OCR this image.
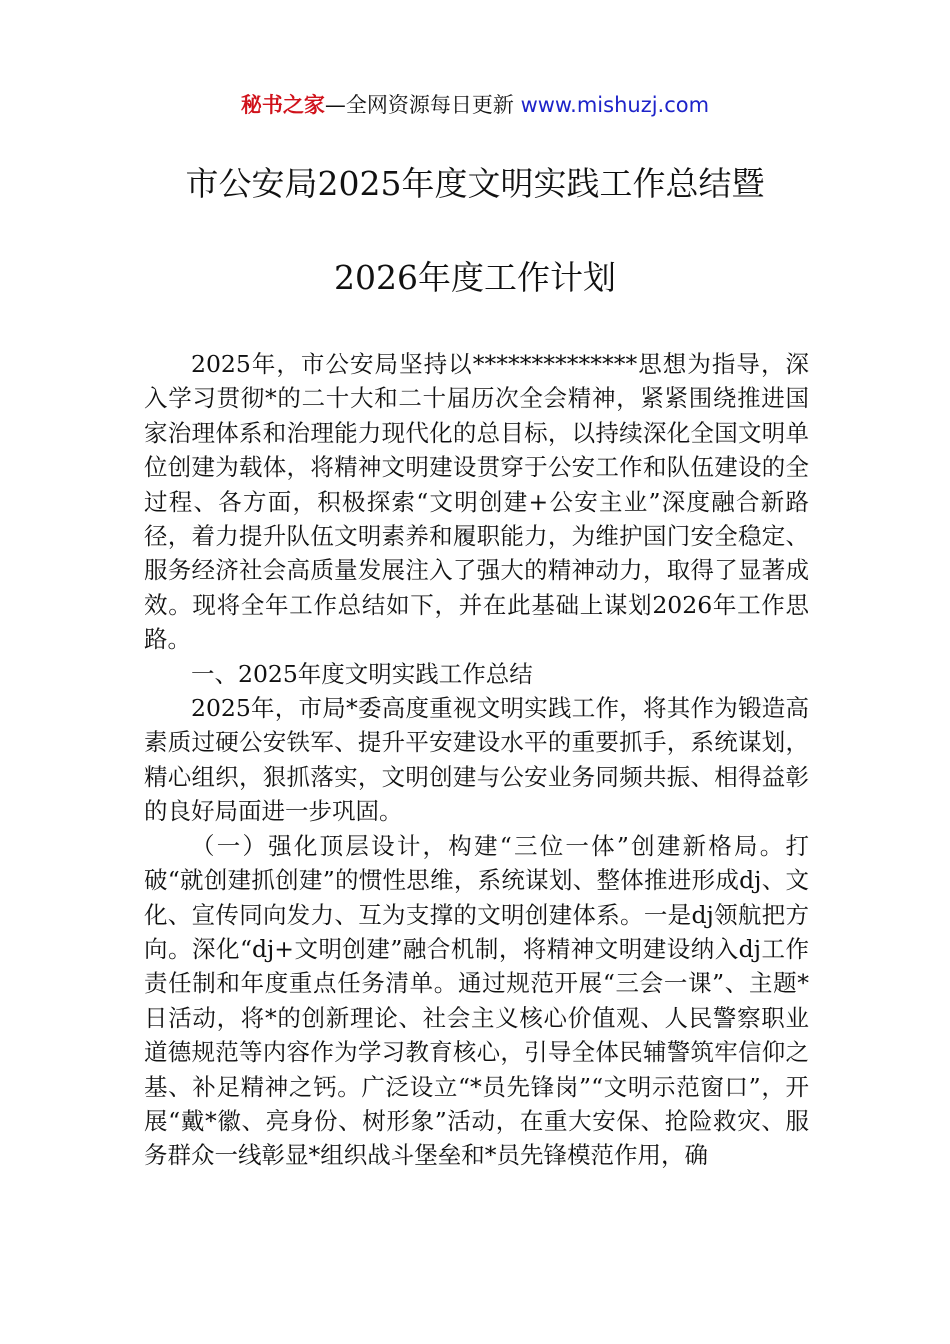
秘书之家—全网资源每日更新 www.mishuzj.com
市公安局2025年度文明实践工作总结暨
2026年度工作计划

2025年，市公安局坚持以**************思想为指导，深入学习贯彻*的二十大和二十届历次全会精神，紧紧围绕推进国家治理体系和治理能力现代化的总目标，以持续深化全国文明单位创建为载体，将精神文明建设贯穿于公安工作和队伍建设的全过程、各方面，积极探索“文明创建+公安主业”深度融合新路径，着力提升队伍文明素养和履职能力，为维护国门安全稳定、服务经济社会高质量发展注入了强大的精神动力，取得了显著成效。现将全年工作总结如下，并在此基础上谋划2026年工作思路。

一、2025年度文明实践工作总结

2025年，市局*委高度重视文明实践工作，将其作为锻造高素质过硬公安铁军、提升平安建设水平的重要抓手，系统谋划，精心组织，狠抓落实，文明创建与公安业务同频共振、相得益彰的良好局面进一步巩固。

（一）强化顶层设计，构建“三位一体”创建新格局。打破“就创建抓创建”的惯性思维，系统谋划、整体推进形成dj、文化、宣传同向发力、互为支撑的文明创建体系。一是dj领航把方向。深化“dj+文明创建”融合机制，将精神文明建设纳入dj工作责任制和年度重点任务清单。通过规范开展“三会一课”、主题*日活动，将*的创新理论、社会主义核心价值观、人民警察职业道德规范等内容作为学习教育核心，引导全体民辅警筑牢信仰之基、补足精神之钙。广泛设立“*员先锋岗”“文明示范窗口”，开展“戴*徽、亮身份、树形象”活动，在重大安保、抢险救灾、服务群众一线彰显*组织战斗堡垒和*员先锋模范作用，确
